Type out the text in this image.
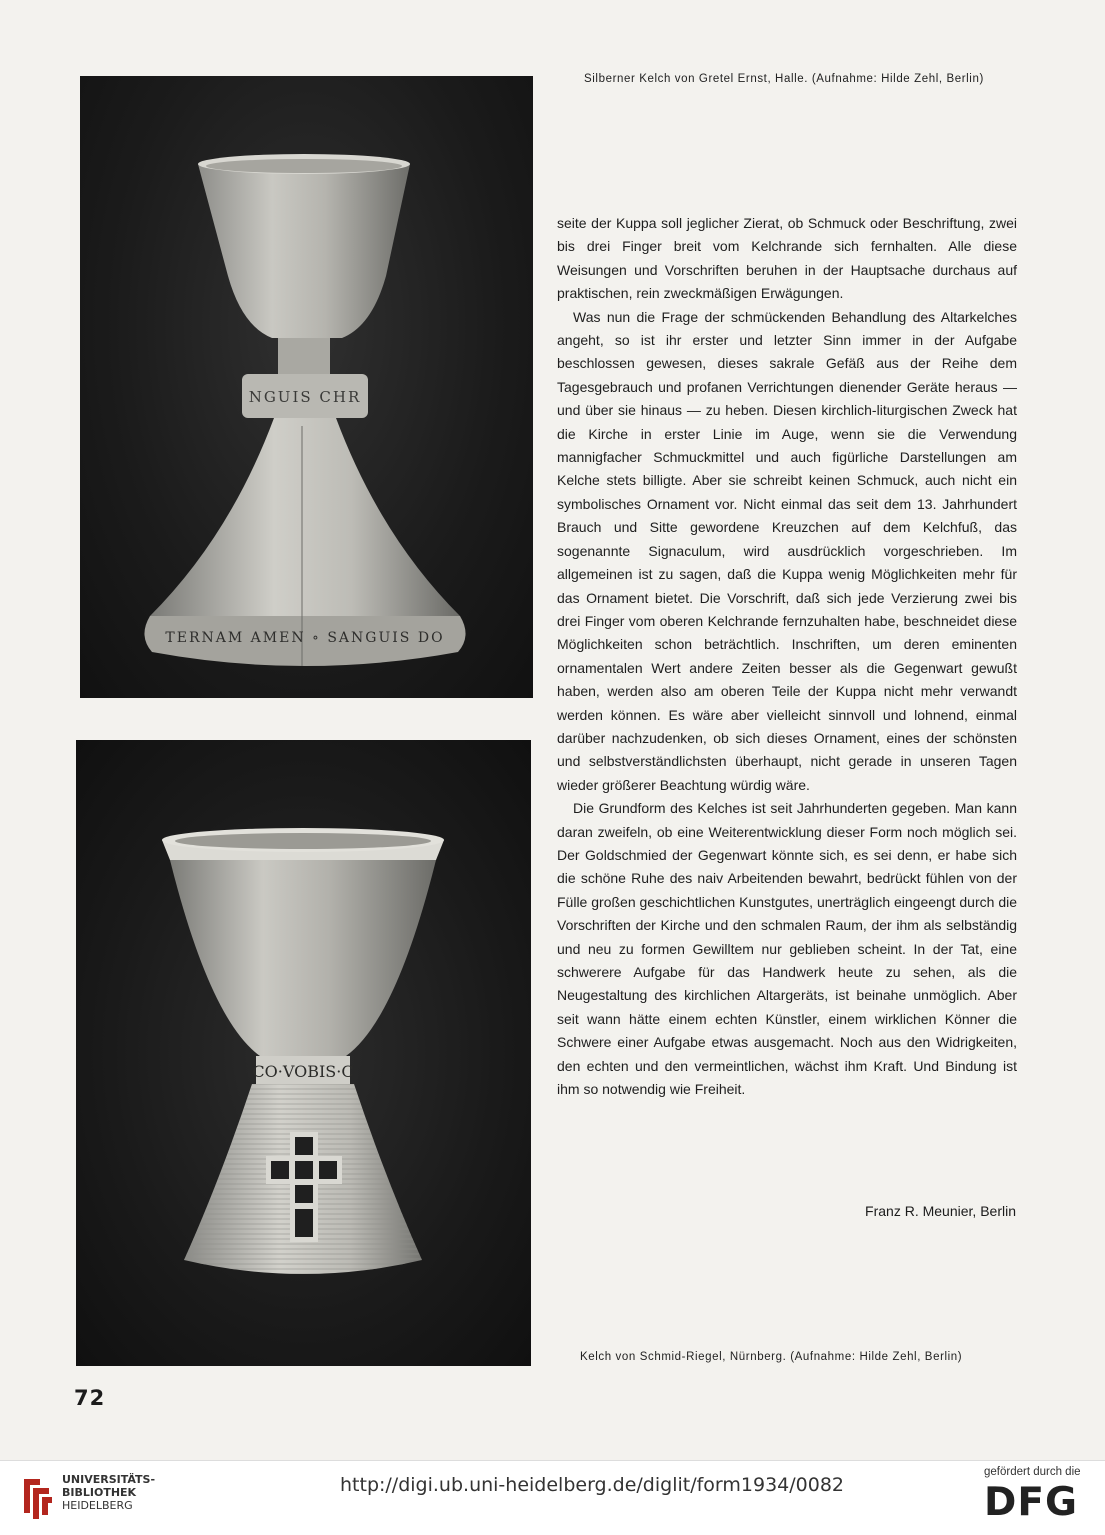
Silberner Kelch von Gretel Ernst, Halle. (Aufnahme: Hilde Zehl, Berlin)
NGUIS CHR
TERNAM AMEN ∘ SANGUIS DO
CO·VOBIS·C

seite der Kuppa soll jeglicher Zierat, ob Schmuck oder Beschriftung, zwei bis drei Finger breit vom Kelchrande sich fernhalten. Alle diese Weisungen und Vorschriften beruhen in der Hauptsache durchaus auf praktischen, rein zweckmäßigen Erwägungen.

Was nun die Frage der schmückenden Behandlung des Altarkelches angeht, so ist ihr erster und letzter Sinn immer in der Aufgabe beschlossen gewesen, dieses sakrale Gefäß aus der Reihe dem Tagesgebrauch und profanen Verrichtungen dienender Geräte heraus — und über sie hinaus — zu heben. Diesen kirchlich-liturgischen Zweck hat die Kirche in erster Linie im Auge, wenn sie die Verwendung mannigfacher Schmuckmittel und auch figürliche Darstellungen am Kelche stets billigte. Aber sie schreibt keinen Schmuck, auch nicht ein symbolisches Ornament vor. Nicht einmal das seit dem 13. Jahrhundert Brauch und Sitte gewordene Kreuzchen auf dem Kelchfuß, das sogenannte Signaculum, wird ausdrücklich vorgeschrieben. Im allgemeinen ist zu sagen, daß die Kuppa wenig Möglichkeiten mehr für das Ornament bietet. Die Vorschrift, daß sich jede Verzierung zwei bis drei Finger vom oberen Kelchrande fernzuhalten habe, beschneidet diese Möglichkeiten schon beträchtlich. Inschriften, um deren eminenten ornamentalen Wert andere Zeiten besser als die Gegenwart gewußt haben, werden also am oberen Teile der Kuppa nicht mehr verwandt werden können. Es wäre aber vielleicht sinnvoll und lohnend, einmal darüber nachzudenken, ob sich dieses Ornament, eines der schönsten und selbstverständlichsten überhaupt, nicht gerade in unseren Tagen wieder größerer Beachtung würdig wäre.

Die Grundform des Kelches ist seit Jahrhunderten gegeben. Man kann daran zweifeln, ob eine Weiterentwicklung dieser Form noch möglich sei. Der Goldschmied der Gegenwart könnte sich, es sei denn, er habe sich die schöne Ruhe des naiv Arbeitenden bewahrt, bedrückt fühlen von der Fülle großen geschichtlichen Kunstgutes, unerträglich eingeengt durch die Vorschriften der Kirche und den schmalen Raum, der ihm als selbständig und neu zu formen Gewilltem nur geblieben scheint. In der Tat, eine schwerere Aufgabe für das Handwerk heute zu sehen, als die Neugestaltung des kirchlichen Altargeräts, ist beinahe unmöglich. Aber seit wann hätte einem echten Künstler, einem wirklichen Könner die Schwere einer Aufgabe etwas ausgemacht. Noch aus den Widrigkeiten, den echten und den vermeintlichen, wächst ihm Kraft. Und Bindung ist ihm so notwendig wie Freiheit.

Franz R. Meunier, Berlin
Kelch von Schmid-Riegel, Nürnberg. (Aufnahme: Hilde Zehl, Berlin)
72
UNIVERSITÄTS-
BIBLIOTHEK
HEIDELBERG
http://digi.ub.uni-heidelberg.de/diglit/form1934/0082
gefördert durch die
DFG
